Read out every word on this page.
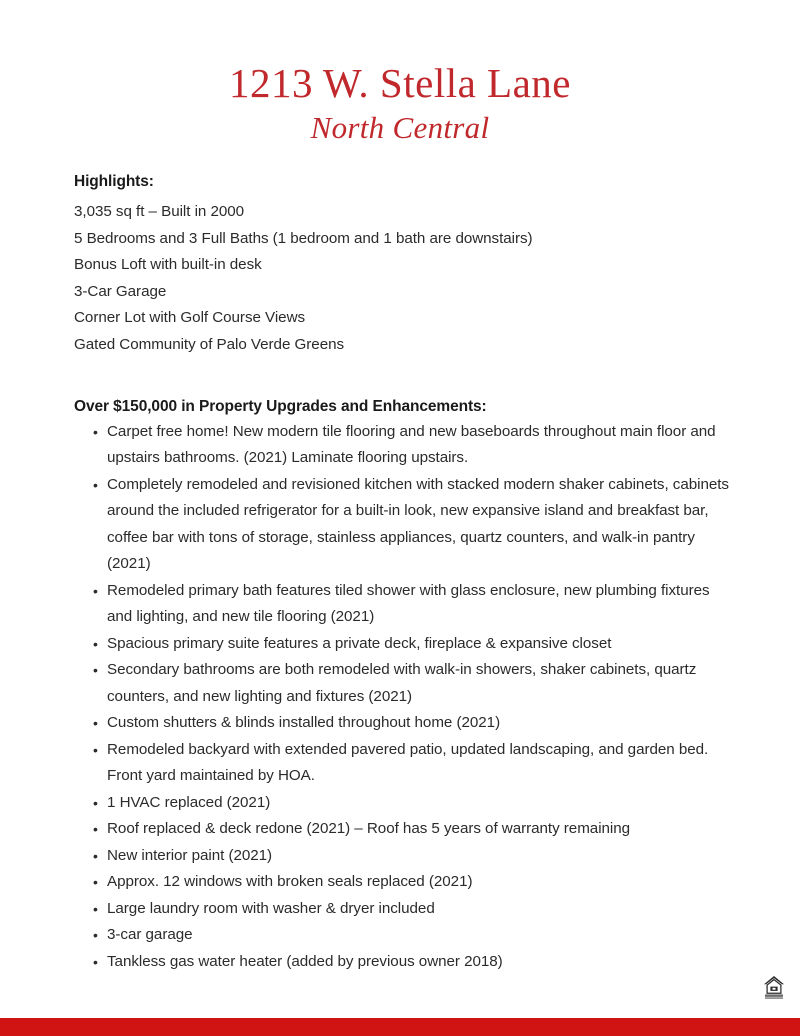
1213 W. Stella Lane
North Central
Highlights:
3,035 sq ft – Built in 2000
5 Bedrooms and 3 Full Baths (1 bedroom and 1 bath are downstairs)
Bonus Loft with built-in desk
3-Car Garage
Corner Lot with Golf Course Views
Gated Community of Palo Verde Greens
Over $150,000 in Property Upgrades and Enhancements:
• Carpet free home! New modern tile flooring and new baseboards throughout main floor and upstairs bathrooms. (2021) Laminate flooring upstairs.
• Completely remodeled and revisioned kitchen with stacked modern shaker cabinets, cabinets around the included refrigerator for a built-in look, new expansive island and breakfast bar, coffee bar with tons of storage, stainless appliances, quartz counters, and walk-in pantry (2021)
• Remodeled primary bath features tiled shower with glass enclosure, new plumbing fixtures and lighting, and new tile flooring (2021)
• Spacious primary suite features a private deck, fireplace & expansive closet
• Secondary bathrooms are both remodeled with walk-in showers, shaker cabinets, quartz counters, and new lighting and fixtures (2021)
• Custom shutters & blinds installed throughout home (2021)
• Remodeled backyard with extended pavered patio, updated landscaping, and garden bed. Front yard maintained by HOA.
• 1 HVAC replaced (2021)
• Roof replaced & deck redone (2021) – Roof has 5 years of warranty remaining
• New interior paint (2021)
• Approx. 12 windows with broken seals replaced (2021)
• Large laundry room with washer & dryer included
• 3-car garage
• Tankless gas water heater (added by previous owner 2018)
